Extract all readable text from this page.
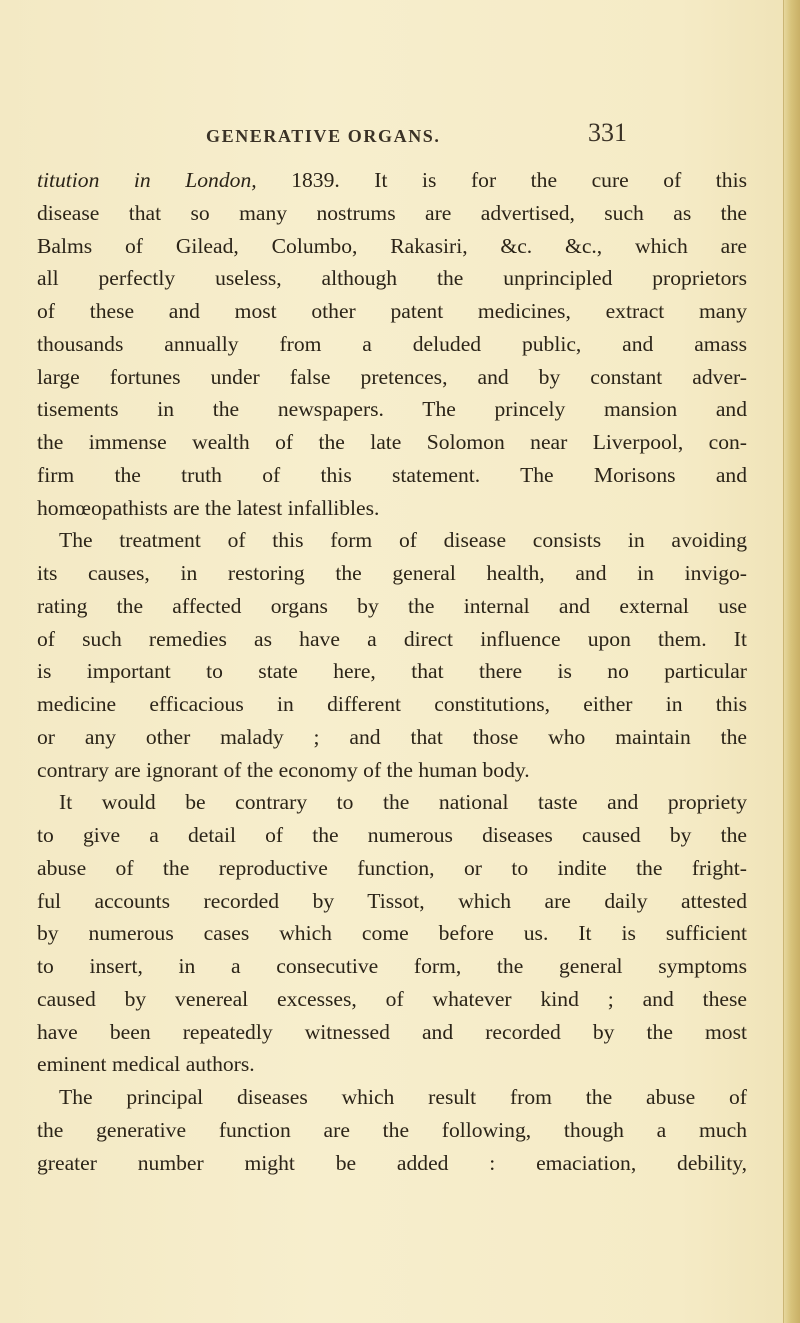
GENERATIVE ORGANS.	331
titution in London, 1839. It is for the cure of this
disease that so many nostrums are advertised, such as the
Balms of Gilead, Columbo, Rakasiri, &c. &c., which are
all perfectly useless, although the unprincipled proprietors
of these and most other patent medicines, extract many
thousands annually from a deluded public, and amass
large fortunes under false pretences, and by constant adver-
tisements in the newspapers. The princely mansion and
the immense wealth of the late Solomon near Liverpool, con-
firm the truth of this statement. The Morisons and
homœopathists are the latest infallibles.
The treatment of this form of disease consists in avoiding
its causes, in restoring the general health, and in invigo-
rating the affected organs by the internal and external use
of such remedies as have a direct influence upon them. It
is important to state here, that there is no particular
medicine efficacious in different constitutions, either in this
or any other malady ; and that those who maintain the
contrary are ignorant of the economy of the human body.
It would be contrary to the national taste and propriety
to give a detail of the numerous diseases caused by the
abuse of the reproductive function, or to indite the fright-
ful accounts recorded by Tissot, which are daily attested
by numerous cases which come before us. It is sufficient
to insert, in a consecutive form, the general symptoms
caused by venereal excesses, of whatever kind ; and these
have been repeatedly witnessed and recorded by the most
eminent medical authors.
The principal diseases which result from the abuse of
the generative function are the following, though a much
greater number might be added : emaciation, debility,
